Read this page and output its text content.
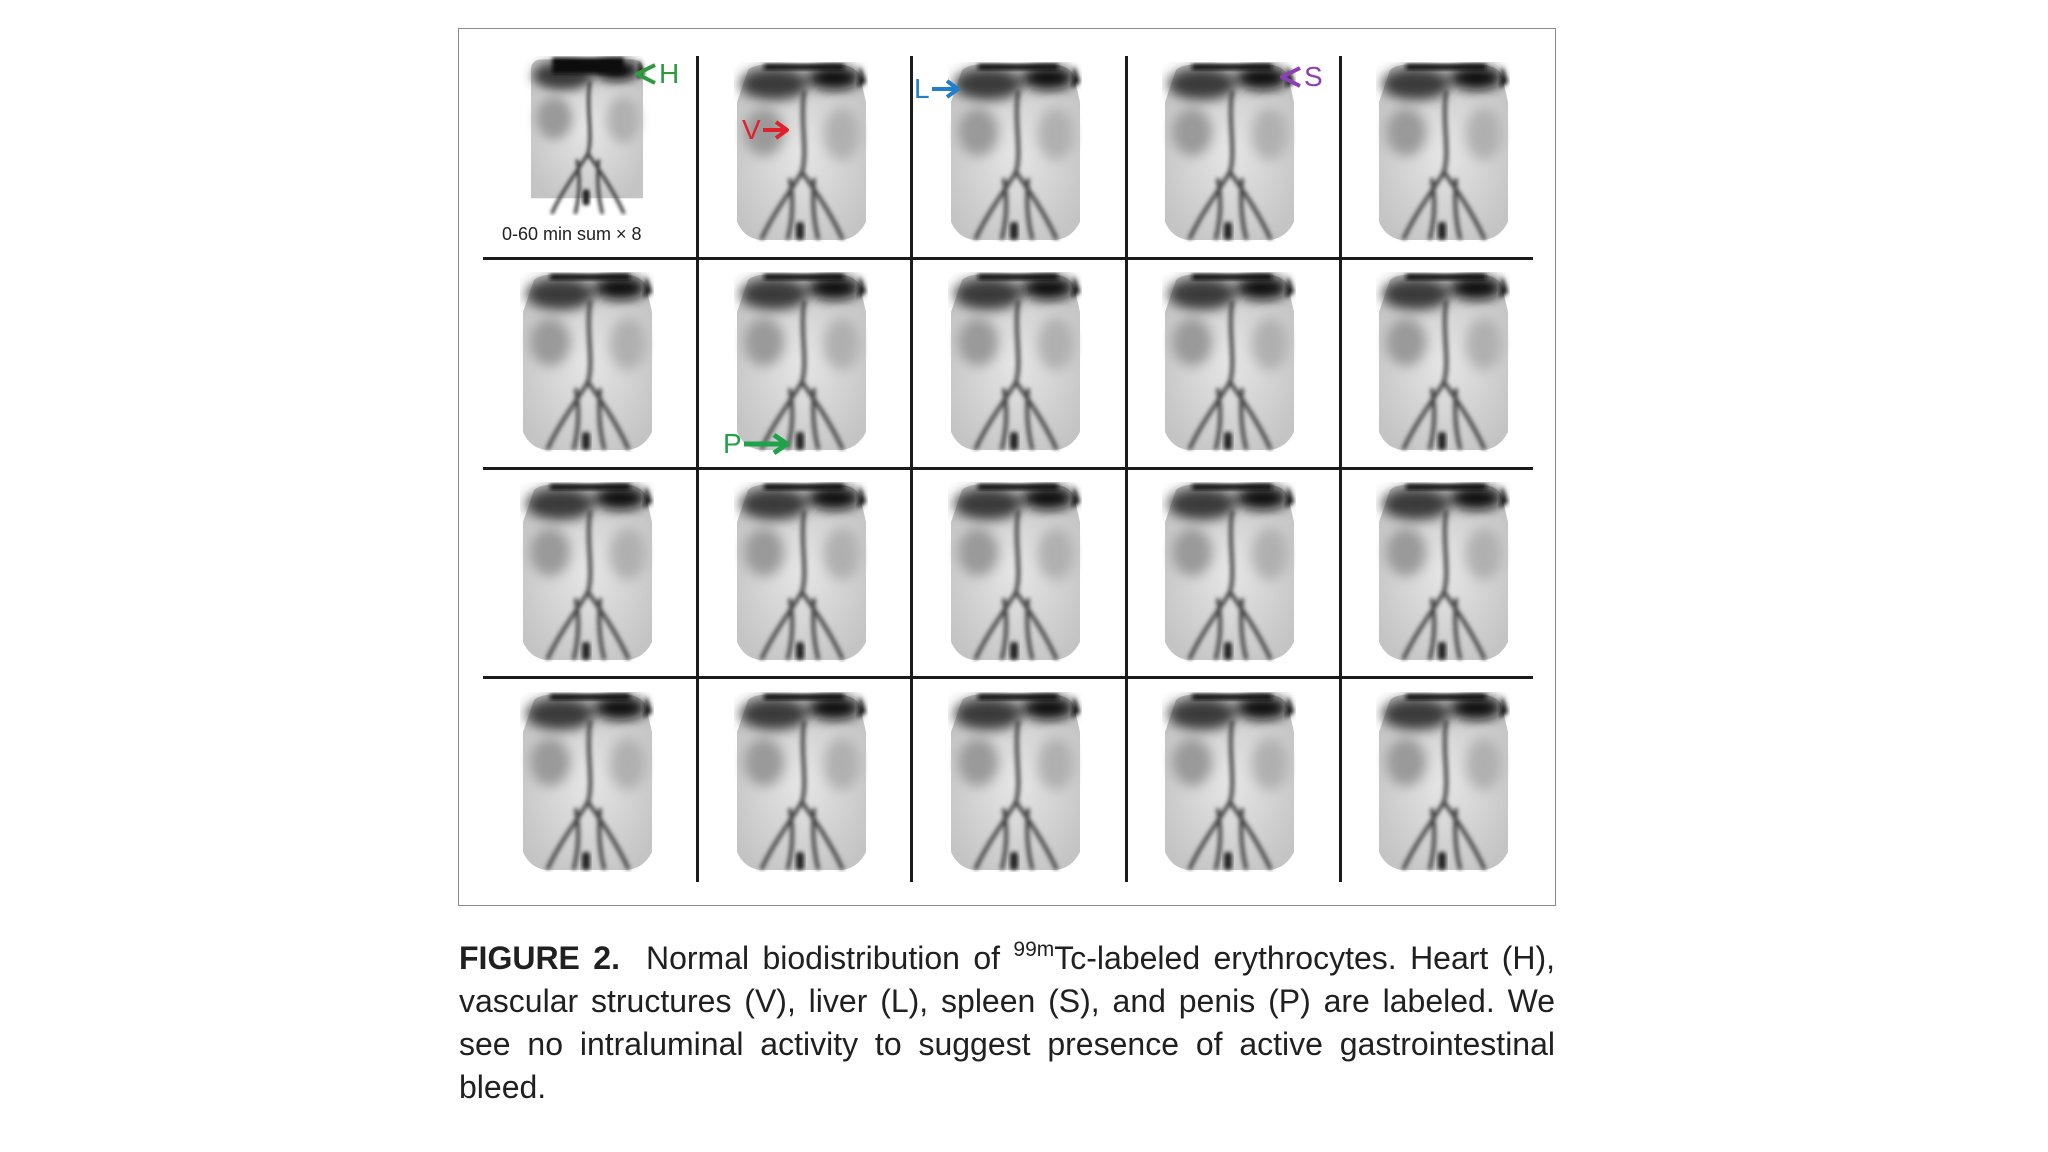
0-60 min sum × 8
H
V
L	S
P
FIGURE 2. Normal biodistribution of $^{99m}$Tc-labeled erythrocytes. Heart (H), vascular structures (V), liver (L), spleen (S), and penis (P) are labeled. We see no intraluminal activity to suggest presence of active gastrointestinal bleed.
